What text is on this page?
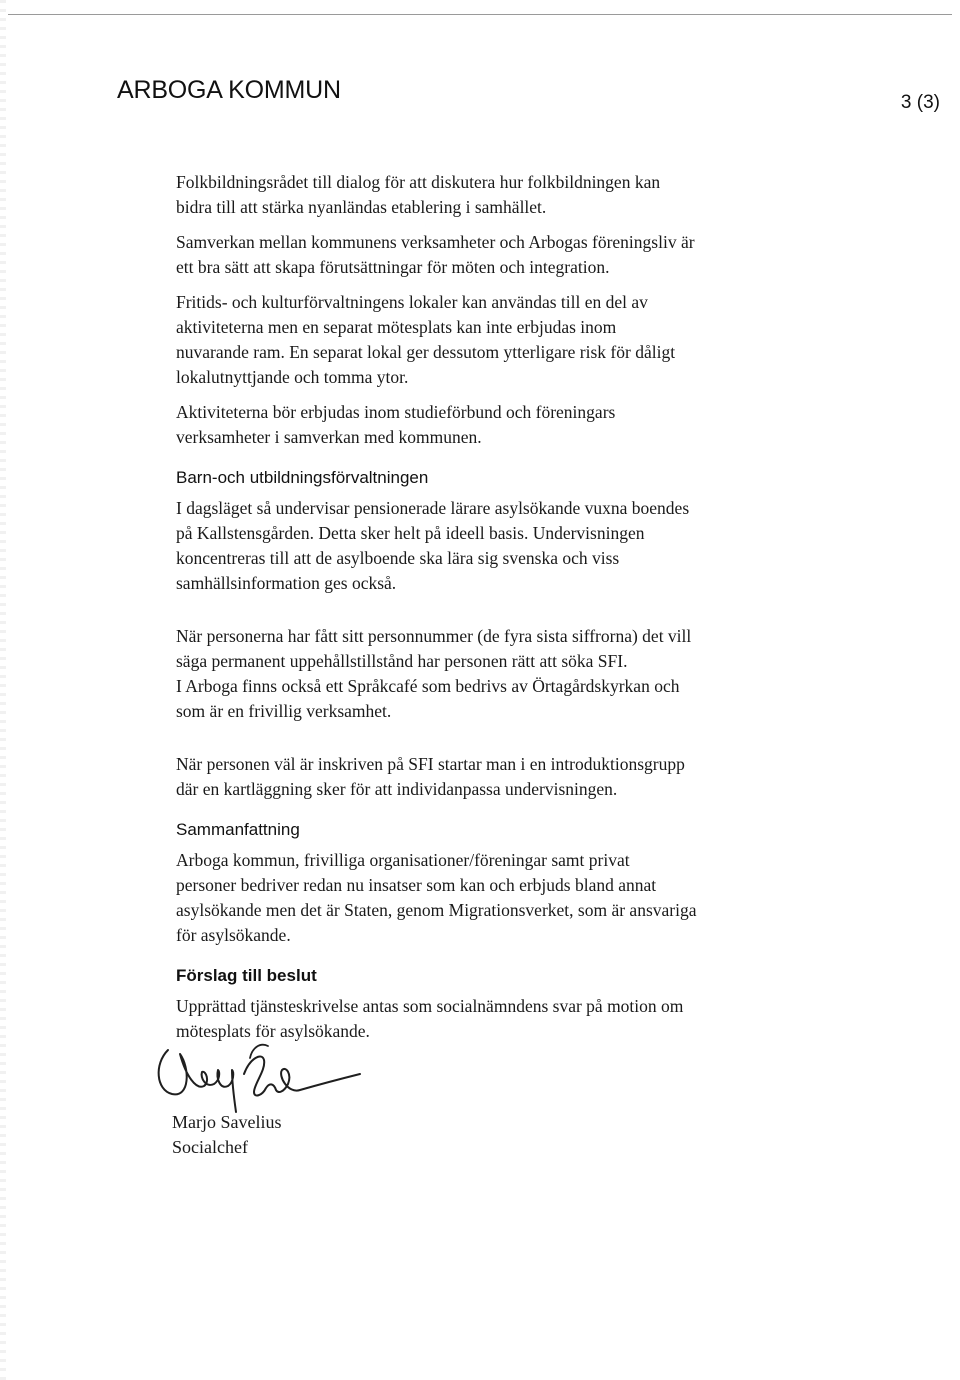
ARBOGA KOMMUN	3 (3)

Folkbildningsrådet till dialog för att diskutera hur folkbildningen kan
bidra till att stärka nyanländas etablering i samhället.

Samverkan mellan kommunens verksamheter och Arbogas föreningsliv är
ett bra sätt att skapa förutsättningar för möten och integration.

Fritids- och kulturförvaltningens lokaler kan användas till en del av
aktiviteterna men en separat mötesplats kan inte erbjudas inom
nuvarande ram. En separat lokal ger dessutom ytterligare risk för dåligt
lokalutnyttjande och tomma ytor.

Aktiviteterna bör erbjudas inom studieförbund och föreningars
verksamheter i samverkan med kommunen.

Barn-och utbildningsförvaltningen

I dagsläget så undervisar pensionerade lärare asylsökande vuxna boendes
på Kallstensgården. Detta sker helt på ideell basis. Undervisningen
koncentreras till att de asylboende ska lära sig svenska och viss
samhällsinformation ges också.

När personerna har fått sitt personnummer (de fyra sista siffrorna) det vill
säga permanent uppehållstillstånd har personen rätt att söka SFI.
I Arboga finns också ett Språkcafé som bedrivs av Örtagårdskyrkan och
som är en frivillig verksamhet.

När personen väl är inskriven på SFI startar man i en introduktionsgrupp
där en kartläggning sker för att individanpassa undervisningen.

Sammanfattning

Arboga kommun, frivilliga organisationer/föreningar samt privat
personer bedriver redan nu insatser som kan och erbjuds bland annat
asylsökande men det är Staten, genom Migrationsverket, som är ansvariga
för asylsökande.

Förslag till beslut

Upprättad tjänsteskrivelse antas som socialnämndens svar på motion om
mötesplats för asylsökande.

Marjo Savelius
Socialchef
